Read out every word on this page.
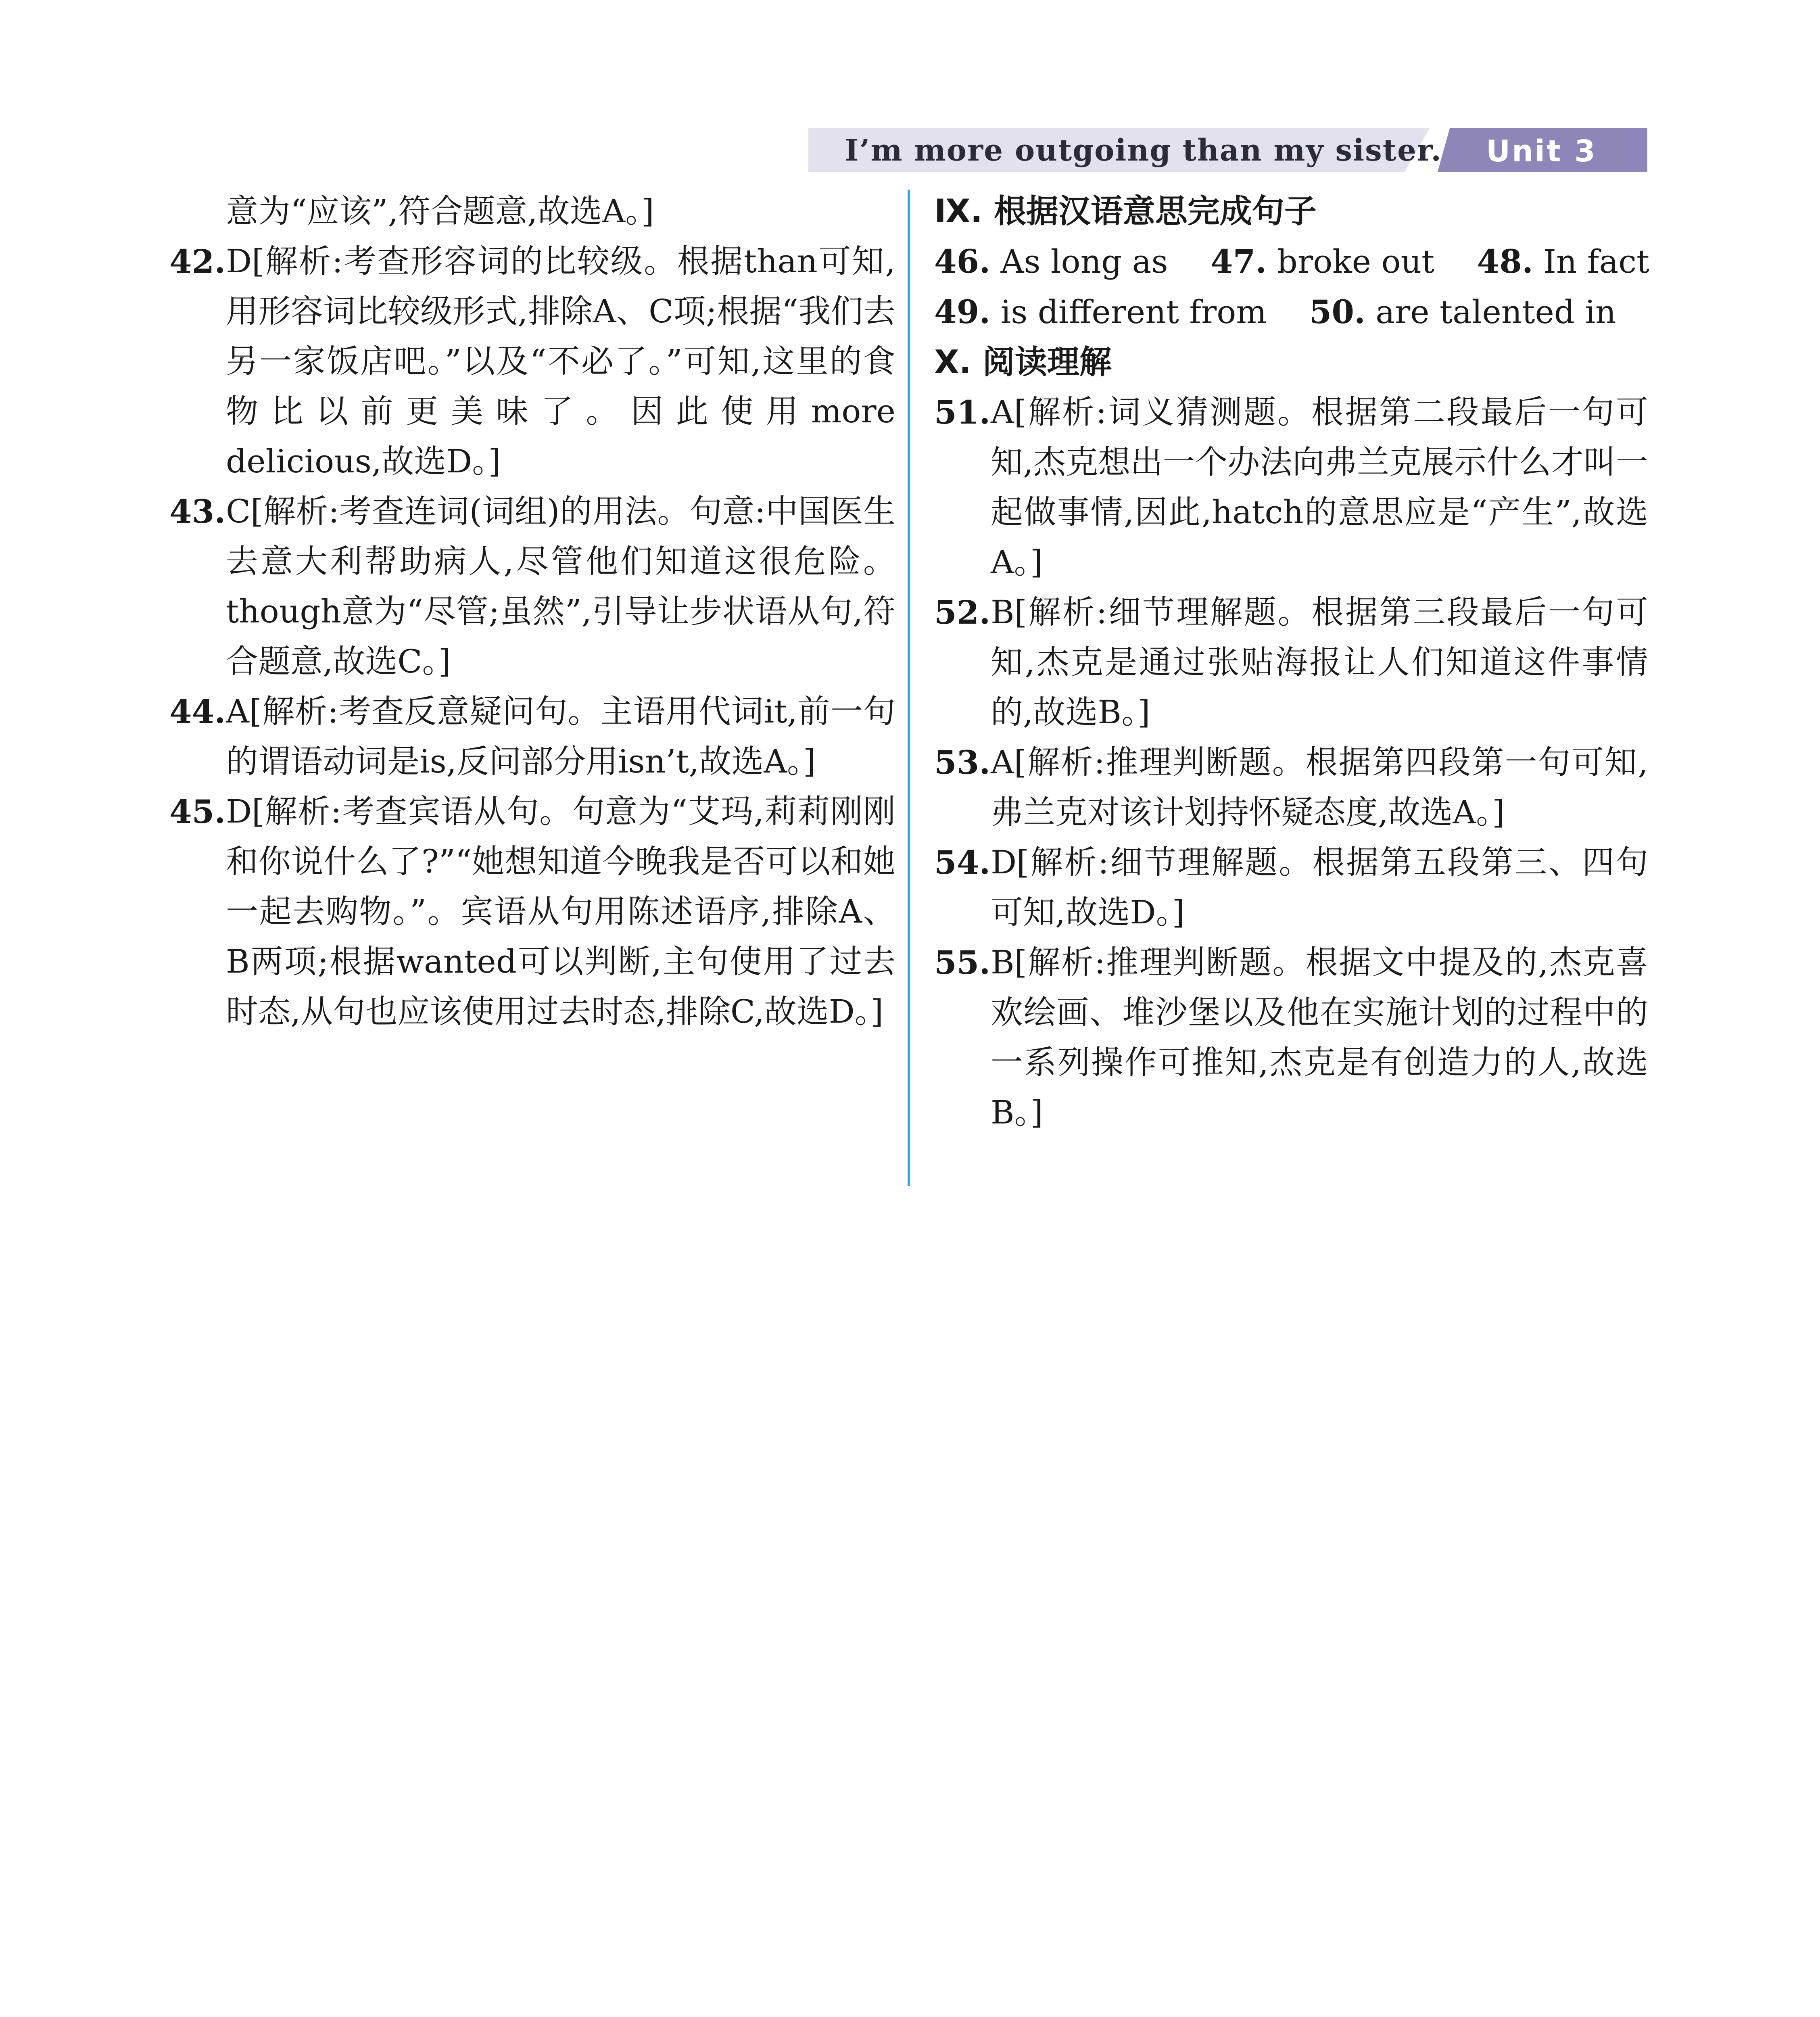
I’m more outgoing than my sister. Unit 3
意为“应该”,符合题意,故选A。]
42. D[解析:考查形容词的比较级。根据than可知,用形容词比较级形式,排除A、C项;根据“我们去另一家饭店吧。”以及“不必了。”可知,这里的食物比以前更美味了。因此使用more delicious,故选D。]
43. C[解析:考查连词(词组)的用法。句意:中国医生去意大利帮助病人,尽管他们知道这很危险。though意为“尽管;虽然”,引导让步状语从句,符合题意,故选C。]
44. A[解析:考查反意疑问句。主语用代词it,前一句的谓语动词是is,反问部分用isn’t,故选A。]
45. D[解析:考查宾语从句。句意为“艾玛,莉莉刚刚和你说什么了?”“她想知道今晚我是否可以和她一起去购物。”。宾语从句用陈述语序,排除A、B两项;根据wanted可以判断,主句使用了过去时态,从句也应该使用过去时态,排除C,故选D。]
Ⅸ. 根据汉语意思完成句子
46. As long as 47. broke out 48. In fact
49. is different from 50. are talented in
Ⅹ. 阅读理解
51. A[解析:词义猜测题。根据第二段最后一句可知,杰克想出一个办法向弗兰克展示什么才叫一起做事情,因此,hatch的意思应是“产生”,故选A。]
52. B[解析:细节理解题。根据第三段最后一句可知,杰克是通过张贴海报让人们知道这件事情的,故选B。]
53. A[解析:推理判断题。根据第四段第一句可知,弗兰克对该计划持怀疑态度,故选A。]
54. D[解析:细节理解题。根据第五段第三、四句可知,故选D。]
55. B[解析:推理判断题。根据文中提及的,杰克喜欢绘画、堆沙堡以及他在实施计划的过程中的一系列操作可推知,杰克是有创造力的人,故选B。]
